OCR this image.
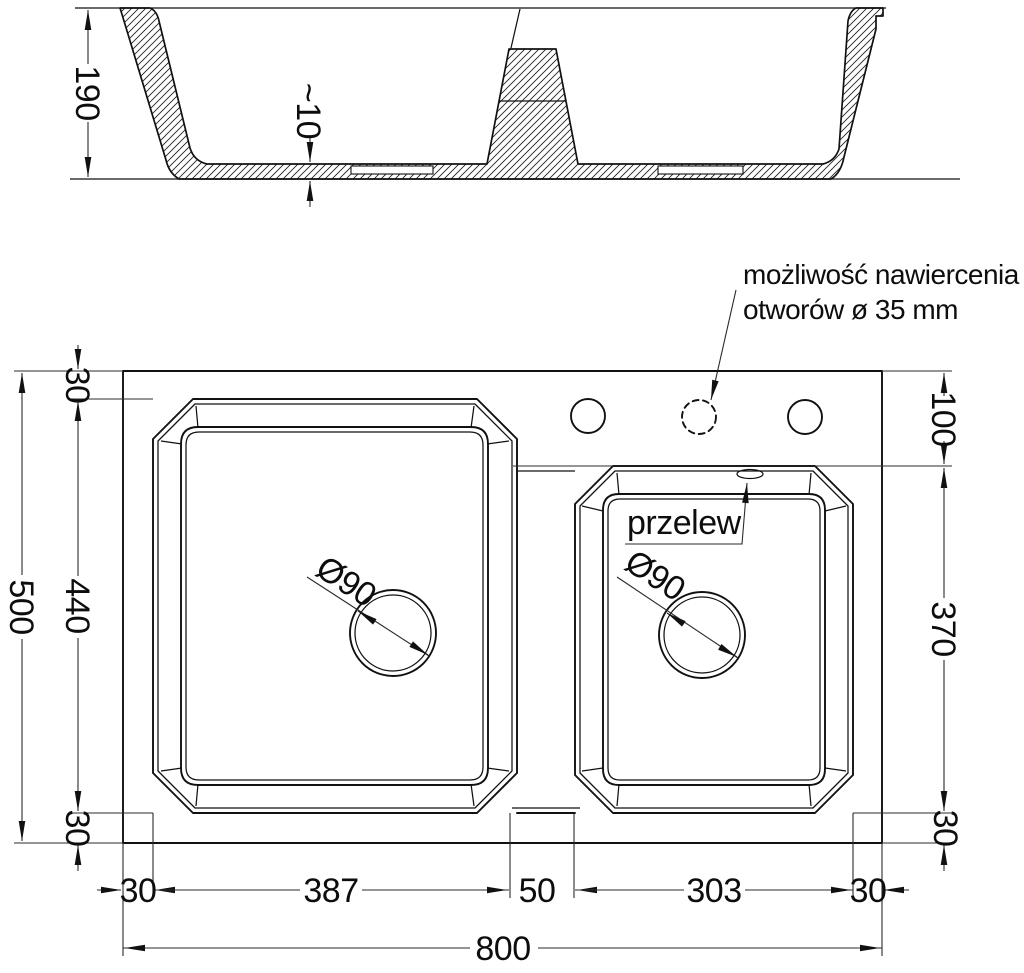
190	~10
możliwość nawiercenia
otworów ø 35 mm
przelew
Ø90	Ø90
500
30
440
30
100
370
30
30	387	50	303	30
800
